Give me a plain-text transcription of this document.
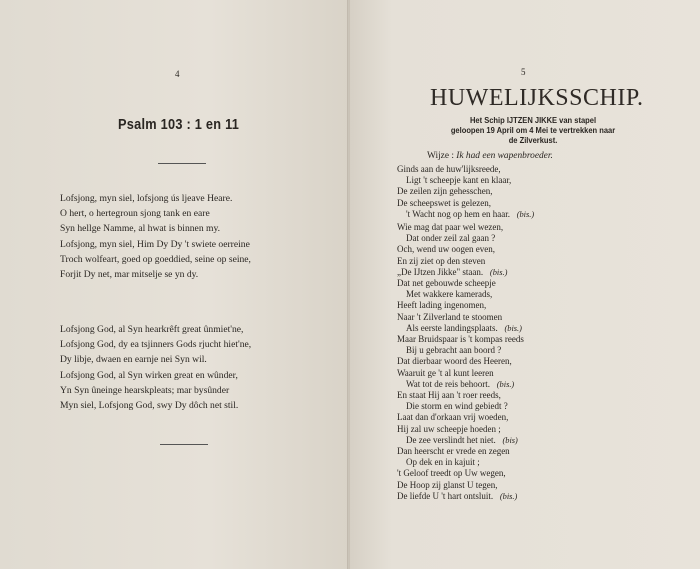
4
Psalm 103 : 1 en 11
Lofsjong, myn siel, lofsjong ús ljeave Heare.
O hert, o hertegroun sjong tank en eare
Syn hellge Namme, al hwat is binnen my.
Lofsjong, myn siel, Him Dy Dy 't swiete oerreine
Troch wolfeart, goed op goeddied, seine op seine,
Forjit Dy net, mar mitselje se yn dy.
Lofsjong God, al Syn hearkrêft great ûnmiet'ne,
Lofsjong God, dy ea tsjinners Gods rjucht hiet'ne,
Dy libje, dwaen en earnje nei Syn wil.
Lofsjong God, al Syn wirken great en wûnder,
Yn Syn ûneinge hearskpleats; mar bysûnder
Myn siel, Lofsjong God, swy Dy dôch net stil.
5
HUWELIJKSSCHIP.
Het Schip IJTZEN JIKKE van stapel
geloopen 19 April om 4 Mei te vertrekken naar
de Zilverkust.
Wijze : Ik had een wapenbroeder.
Ginds aan de huw'lijksreede,
Ligt 't scheepje kant en klaar,
De zeilen zijn gehesschen,
De scheepswet is gelezen,
't Wacht nog op hem en haar. (bis.)
Wie mag dat paar wel wezen,
Dat onder zeil zal gaan ?
Och, wend uw oogen even,
En zij ziet op den steven
„De IJtzen Jikke" staan. (bis.)
Dat net gebouwde scheepje
Met wakkere kamerads,
Heeft lading ingenomen,
Naar 't Zilverland te stoomen
Als eerste landingsplaats. (bis.)
Maar Bruidspaar is 't kompas reeds
Bij u gebracht aan boord ?
Dat dierbaar woord des Heeren,
Waaruit ge 't al kunt leeren
Wat tot de reis behoort. (bis.)
En staat Hij aan 't roer reeds,
Die storm en wind gebiedt ?
Laat dan d'orkaan vrij woeden,
Hij zal uw scheepje hoeden ;
De zee verslindt het niet. (bis)
Dan heerscht er vrede en zegen
Op dek en in kajuit ;
't Geloof treedt op Uw wegen,
De Hoop zij glanst U tegen,
De liefde U 't hart ontsluit. (bis.)
